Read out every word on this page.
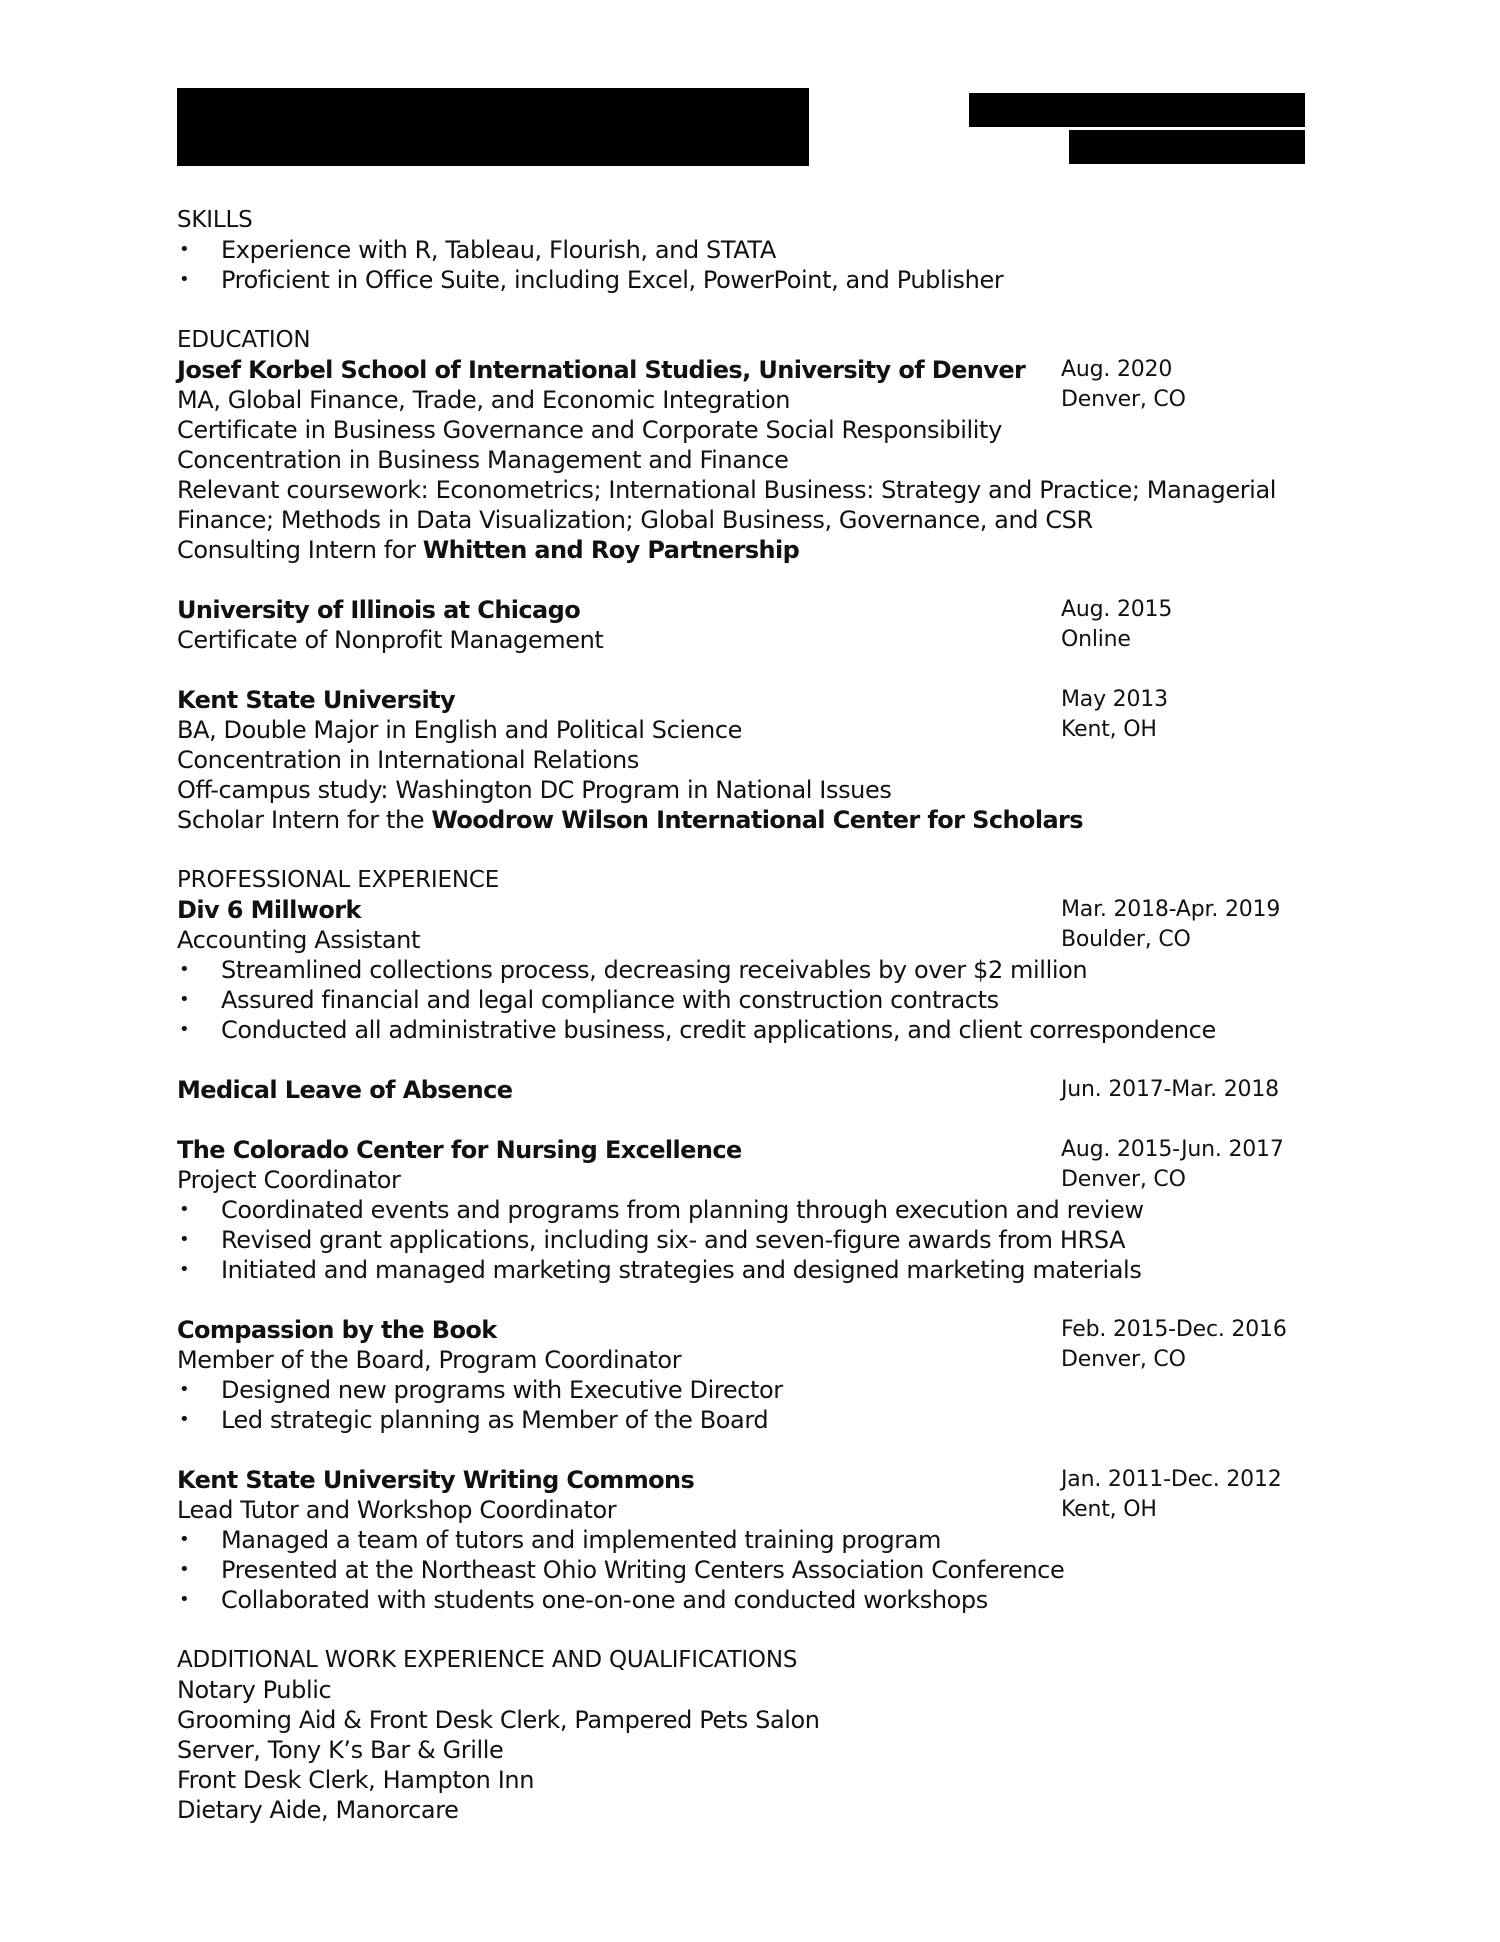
SKILLS
• Experience with R, Tableau, Flourish, and STATA
• Proficient in Office Suite, including Excel, PowerPoint, and Publisher
EDUCATION
Josef Korbel School of International Studies, University of Denver	Aug. 2020
MA, Global Finance, Trade, and Economic Integration	Denver, CO
Certificate in Business Governance and Corporate Social Responsibility
Concentration in Business Management and Finance
Relevant coursework: Econometrics; International Business: Strategy and Practice; Managerial
Finance; Methods in Data Visualization; Global Business, Governance, and CSR
Consulting Intern for Whitten and Roy Partnership
University of Illinois at Chicago	Aug. 2015
Certificate of Nonprofit Management	Online
Kent State University	May 2013
BA, Double Major in English and Political Science	Kent, OH
Concentration in International Relations
Off-campus study: Washington DC Program in National Issues
Scholar Intern for the Woodrow Wilson International Center for Scholars
PROFESSIONAL EXPERIENCE
Div 6 Millwork	Mar. 2018-Apr. 2019
Accounting Assistant	Boulder, CO
• Streamlined collections process, decreasing receivables by over $2 million
• Assured financial and legal compliance with construction contracts
• Conducted all administrative business, credit applications, and client correspondence
Medical Leave of Absence	Jun. 2017-Mar. 2018
The Colorado Center for Nursing Excellence	Aug. 2015-Jun. 2017
Project Coordinator	Denver, CO
• Coordinated events and programs from planning through execution and review
• Revised grant applications, including six- and seven-figure awards from HRSA
• Initiated and managed marketing strategies and designed marketing materials
Compassion by the Book	Feb. 2015-Dec. 2016
Member of the Board, Program Coordinator	Denver, CO
• Designed new programs with Executive Director
• Led strategic planning as Member of the Board
Kent State University Writing Commons	Jan. 2011-Dec. 2012
Lead Tutor and Workshop Coordinator	Kent, OH
• Managed a team of tutors and implemented training program
• Presented at the Northeast Ohio Writing Centers Association Conference
• Collaborated with students one-on-one and conducted workshops
ADDITIONAL WORK EXPERIENCE AND QUALIFICATIONS
Notary Public
Grooming Aid & Front Desk Clerk, Pampered Pets Salon
Server, Tony K’s Bar & Grille
Front Desk Clerk, Hampton Inn
Dietary Aide, Manorcare
